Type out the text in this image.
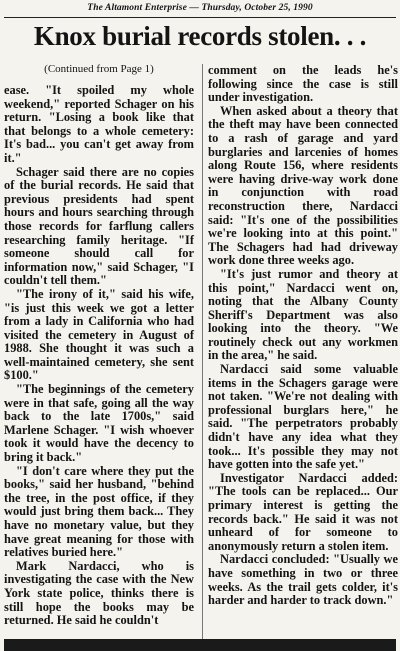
The Altamont Enterprise — Thursday, October 25, 1990
Knox burial records stolen. . .
(Continued from Page 1)

ease. "It spoiled my whole weekend," reported Schager on his return. "Losing a book like that that belongs to a whole cemetery: It's bad... you can't get away from it."

Schager said there are no copies of the burial records. He said that previous presidents had spent hours and hours searching through those records for farflung callers researching family heritage. "If someone should call for information now," said Schager, "I couldn't tell them."

"The irony of it," said his wife, "is just this week we got a letter from a lady in California who had visited the cemetery in August of 1988. She thought it was such a well-maintained cemetery, she sent $100."

"The beginnings of the cemetery were in that safe, going all the way back to the late 1700s," said Marlene Schager. "I wish whoever took it would have the decency to bring it back."

"I don't care where they put the books," said her husband, "behind the tree, in the post office, if they would just bring them back... They have no monetary value, but they have great meaning for those with relatives buried here."

Mark Nardacci, who is investigating the case with the New York state police, thinks there is still hope the books may be returned. He said he couldn't

comment on the leads he's following since the case is still under investigation.

When asked about a theory that the theft may have been connected to a rash of garage and yard burglaries and larcenies of homes along Route 156, where residents were having drive-way work done in conjunction with road reconstruction there, Nardacci said: "It's one of the possibilities we're looking into at this point." The Schagers had had driveway work done three weeks ago.

"It's just rumor and theory at this point," Nardacci went on, noting that the Albany County Sheriff's Department was also looking into the theory. "We routinely check out any workmen in the area," he said.

Nardacci said some valuable items in the Schagers garage were not taken. "We're not dealing with professional burglars here," he said. "The perpetrators probably didn't have any idea what they took... It's possible they may not have gotten into the safe yet."

Investigator Nardacci added: "The tools can be replaced... Our primary interest is getting the records back." He said it was not unheard of for someone to anonymously return a stolen item.

Nardacci concluded: "Usually we have something in two or three weeks. As the trail gets colder, it's harder and harder to track down."
